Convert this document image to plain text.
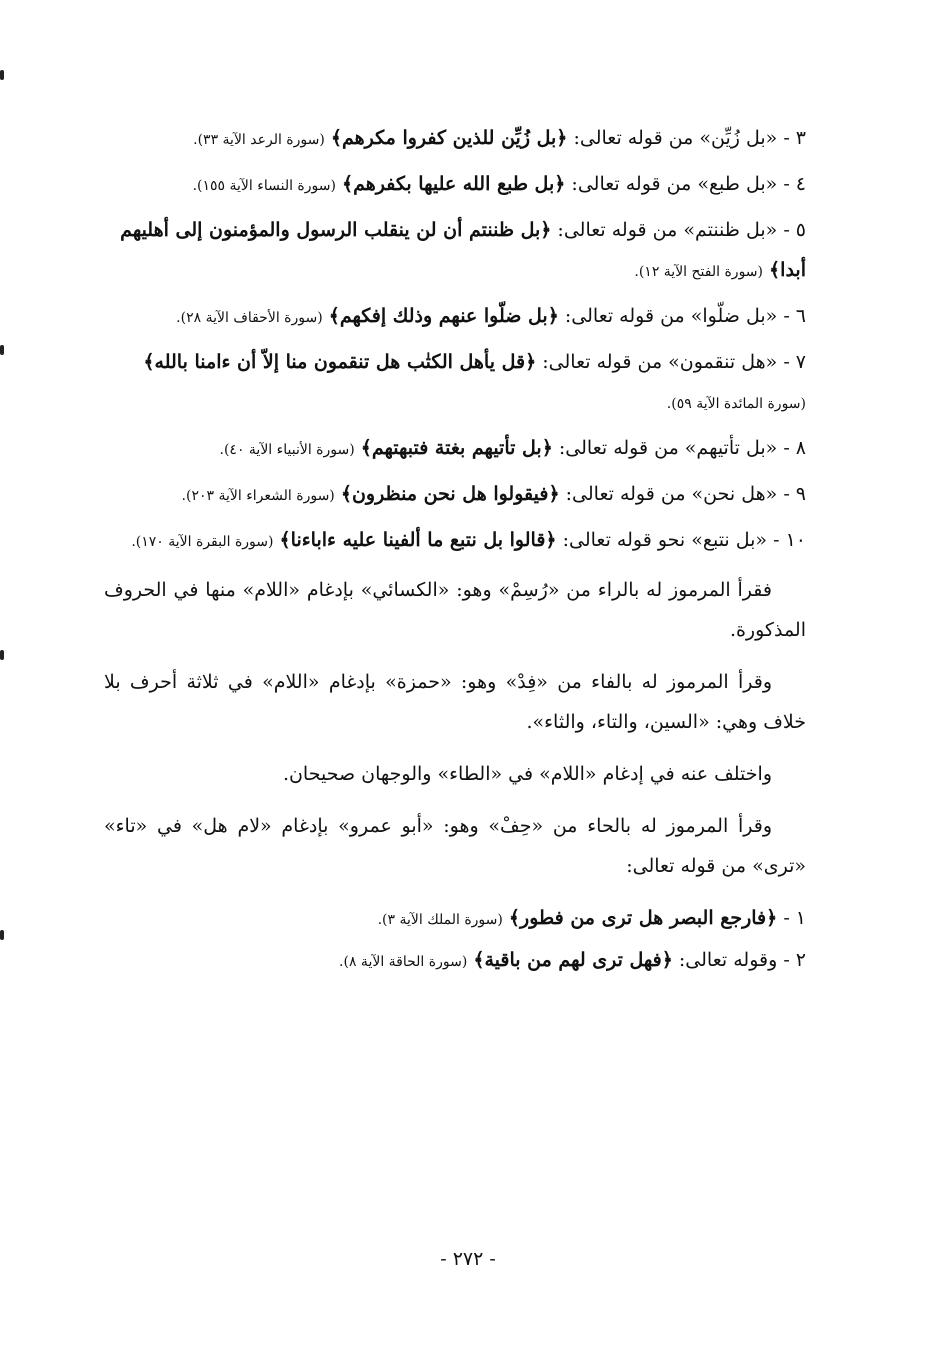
٣ - «بل زُيِّن» من قوله تعالى: ﴿بل زُيِّن للذين كفروا مكرهم﴾ (سورة الرعد الآية ٣٣).
٤ - «بل طبع» من قوله تعالى: ﴿بل طبع الله عليها بكفرهم﴾ (سورة النساء الآية ١٥٥).
٥ - «بل ظننتم» من قوله تعالى: ﴿بل ظننتم أن لن ينقلب الرسول والمؤمنون إلى أهليهم أبدا﴾ (سورة الفتح الآية ١٢).
٦ - «بل ضلّوا» من قوله تعالى: ﴿بل ضلّوا عنهم وذلك إفكهم﴾ (سورة الأحقاف الآية ٢٨).
٧ - «هل تنقمون» من قوله تعالى: ﴿قل يأهل الكتٰب هل تنقمون منا إلاّ أن ءامنا بالله﴾ (سورة المائدة الآية ٥٩).
٨ - «بل تأتيهم» من قوله تعالى: ﴿بل تأتيهم بغتة فتبهتهم﴾ (سورة الأنبياء الآية ٤٠).
٩ - «هل نحن» من قوله تعالى: ﴿فيقولوا هل نحن منظرون﴾ (سورة الشعراء الآية ٢٠٣).
١٠ - «بل نتبع» نحو قوله تعالى: ﴿قالوا بل نتبع ما ألفينا عليه ءاباءنا﴾ (سورة البقرة الآية ١٧٠).

فقرأ المرموز له بالراء من «رُسِمْ» وهو: «الكسائي» بإدغام «اللام» منها في الحروف المذكورة.

وقرأ المرموز له بالفاء من «فِدْ» وهو: «حمزة» بإدغام «اللام» في ثلاثة أحرف بلا خلاف وهي: «السين، والتاء، والثاء».

واختلف عنه في إدغام «اللام» في «الطاء» والوجهان صحيحان.

وقرأ المرموز له بالحاء من «حِفْ» وهو: «أبو عمرو» بإدغام «لام هل» في «تاء» «ترى» من قوله تعالى:

١ - ﴿فارجع البصر هل ترى من فطور﴾ (سورة الملك الآية ٣).
٢ - وقوله تعالى: ﴿فهل ترى لهم من باقية﴾ (سورة الحاقة الآية ٨).
- ٢٧٢ -
